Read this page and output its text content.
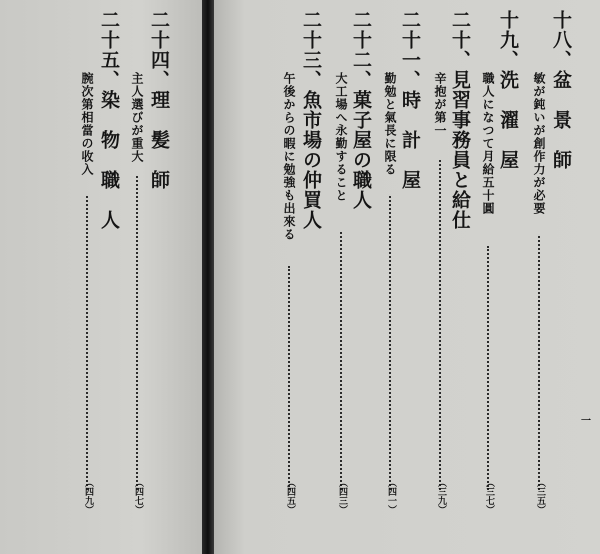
十八、盆　景　師
敏が鈍いが創作力が必要
（三五）
十九、洗　濯　屋
職人になつて月給五十圓
（三七）
二十、見習事務員と給仕
辛抱が第一
（三九）
二十一、時　計　屋
勤勉と氣長に限る
（四一）
二十二、菓子屋の職人
大工場へ永勤すること
（四三）
二十三、魚市場の仲買人
午後からの暇に勉強も出來る
（四五）
二十四、理　髪　師
主人選びが重大
（四七）
二十五、染　物　職　人
腕次第相當の收入
（四九）
一
